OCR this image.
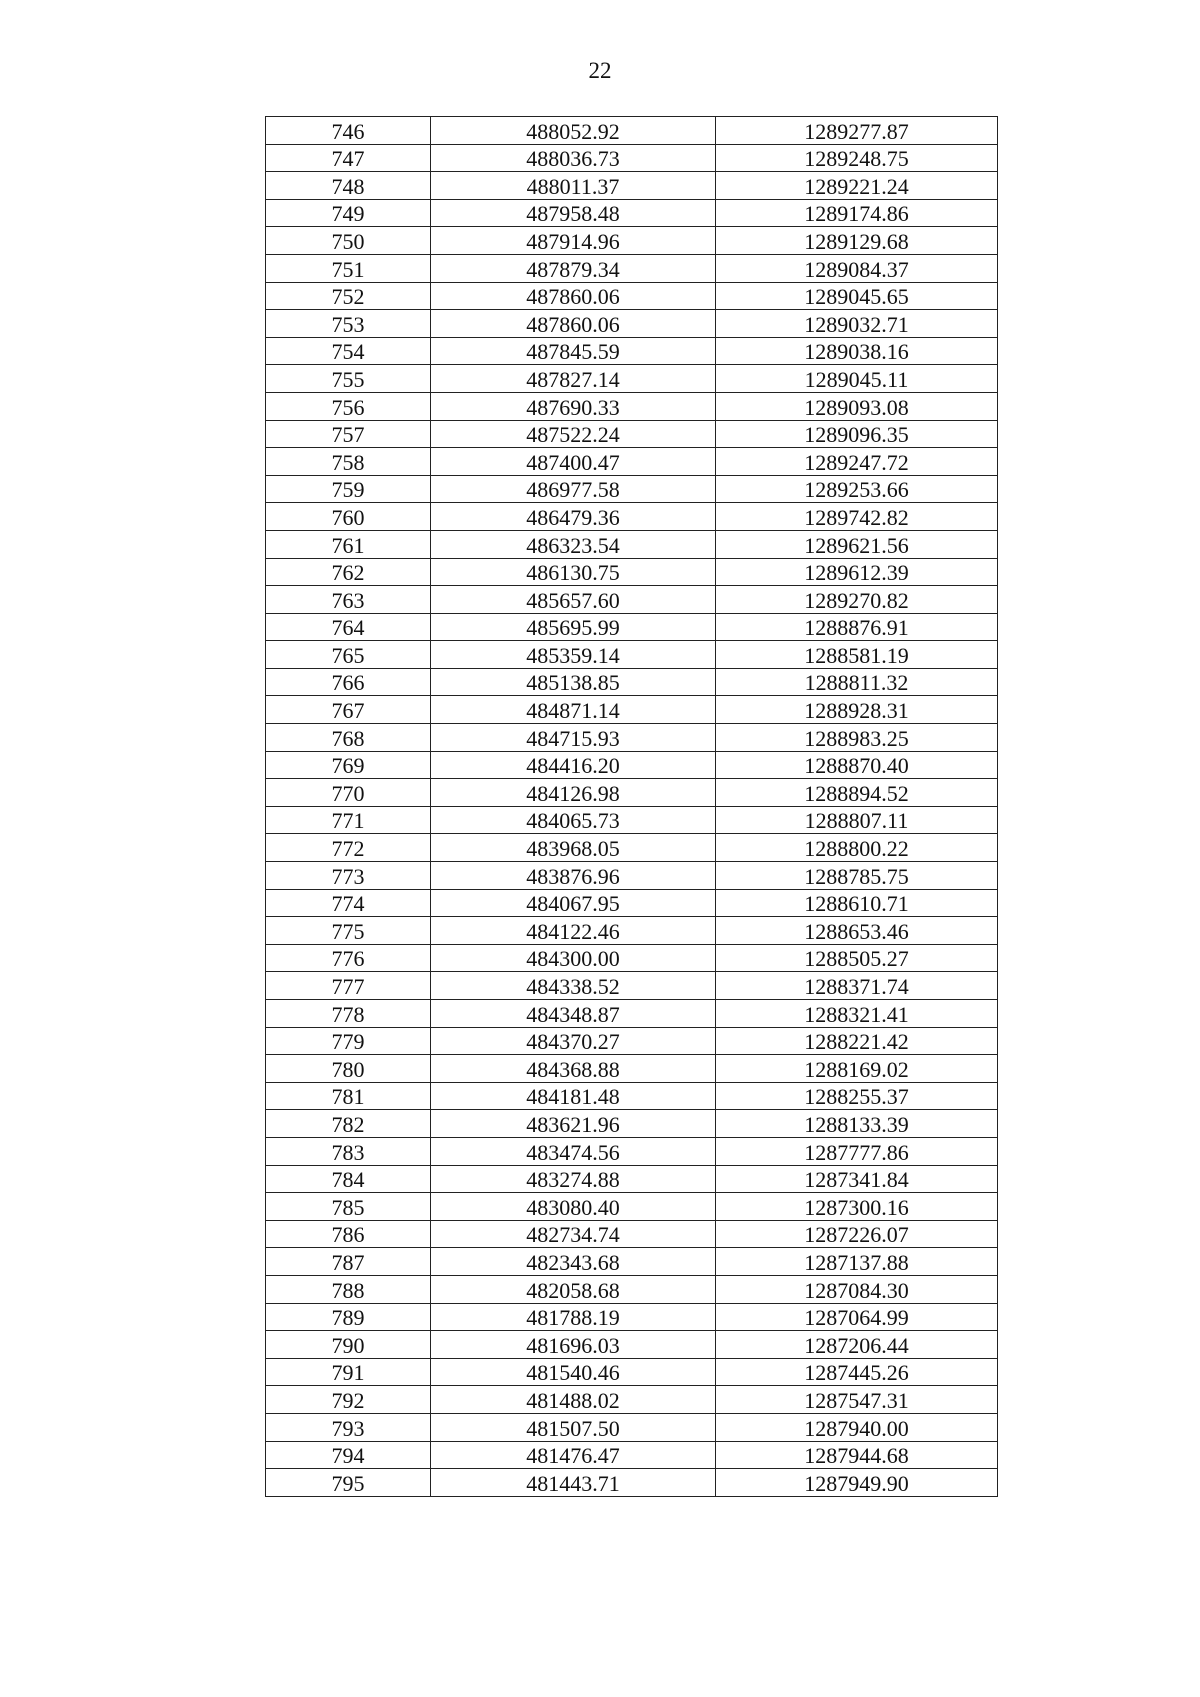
22
746	488052.92	1289277.87
747	488036.73	1289248.75
748	488011.37	1289221.24
749	487958.48	1289174.86
750	487914.96	1289129.68
751	487879.34	1289084.37
752	487860.06	1289045.65
753	487860.06	1289032.71
754	487845.59	1289038.16
755	487827.14	1289045.11
756	487690.33	1289093.08
757	487522.24	1289096.35
758	487400.47	1289247.72
759	486977.58	1289253.66
760	486479.36	1289742.82
761	486323.54	1289621.56
762	486130.75	1289612.39
763	485657.60	1289270.82
764	485695.99	1288876.91
765	485359.14	1288581.19
766	485138.85	1288811.32
767	484871.14	1288928.31
768	484715.93	1288983.25
769	484416.20	1288870.40
770	484126.98	1288894.52
771	484065.73	1288807.11
772	483968.05	1288800.22
773	483876.96	1288785.75
774	484067.95	1288610.71
775	484122.46	1288653.46
776	484300.00	1288505.27
777	484338.52	1288371.74
778	484348.87	1288321.41
779	484370.27	1288221.42
780	484368.88	1288169.02
781	484181.48	1288255.37
782	483621.96	1288133.39
783	483474.56	1287777.86
784	483274.88	1287341.84
785	483080.40	1287300.16
786	482734.74	1287226.07
787	482343.68	1287137.88
788	482058.68	1287084.30
789	481788.19	1287064.99
790	481696.03	1287206.44
791	481540.46	1287445.26
792	481488.02	1287547.31
793	481507.50	1287940.00
794	481476.47	1287944.68
795	481443.71	1287949.90
